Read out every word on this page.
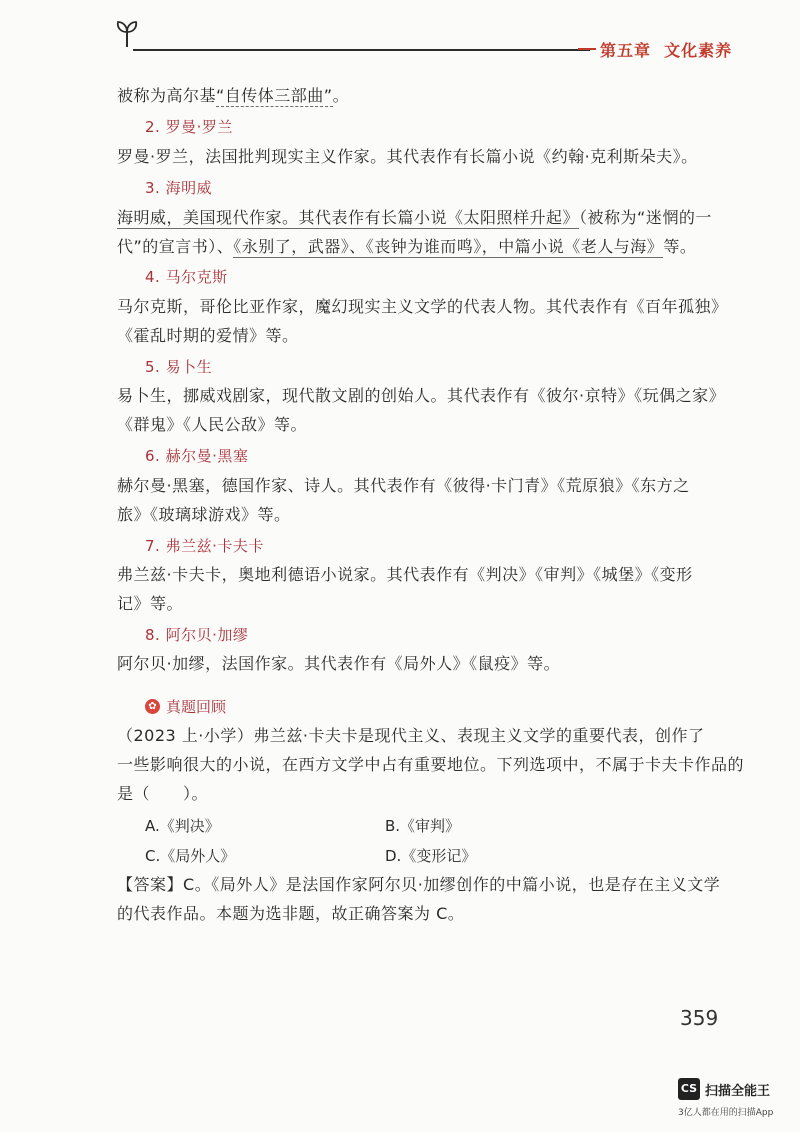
第五章 文化素养
被称为高尔基“自传体三部曲”。
2. 罗曼·罗兰
罗曼·罗兰，法国批判现实主义作家。其代表作有长篇小说《约翰·克利斯朵夫》。
3. 海明威
海明威，美国现代作家。其代表作有长篇小说《太阳照样升起》（被称为“迷惘的一
代”的宣言书）、《永别了，武器》、《丧钟为谁而鸣》，中篇小说《老人与海》等。
4. 马尔克斯
马尔克斯，哥伦比亚作家，魔幻现实主义文学的代表人物。其代表作有《百年孤独》
《霍乱时期的爱情》等。
5. 易卜生
易卜生，挪威戏剧家，现代散文剧的创始人。其代表作有《彼尔·京特》《玩偶之家》
《群鬼》《人民公敌》等。
6. 赫尔曼·黑塞
赫尔曼·黑塞，德国作家、诗人。其代表作有《彼得·卡门青》《荒原狼》《东方之
旅》《玻璃球游戏》等。
7. 弗兰兹·卡夫卡
弗兰兹·卡夫卡，奥地利德语小说家。其代表作有《判决》《审判》《城堡》《变形
记》等。
8. 阿尔贝·加缪
阿尔贝·加缪，法国作家。其代表作有《局外人》《鼠疫》等。
✿ 真题回顾
（2023 上·小学）弗兰兹·卡夫卡是现代主义、表现主义文学的重要代表，创作了
一些影响很大的小说，在西方文学中占有重要地位。下列选项中，不属于卡夫卡作品的
是（　　）。
A.《判决》	B.《审判》
C.《局外人》	D.《变形记》
【答案】C。《局外人》是法国作家阿尔贝·加缪创作的中篇小说，也是存在主义文学
的代表作品。本题为选非题，故正确答案为 C。
359
CS 扫描全能王
3亿人都在用的扫描App
